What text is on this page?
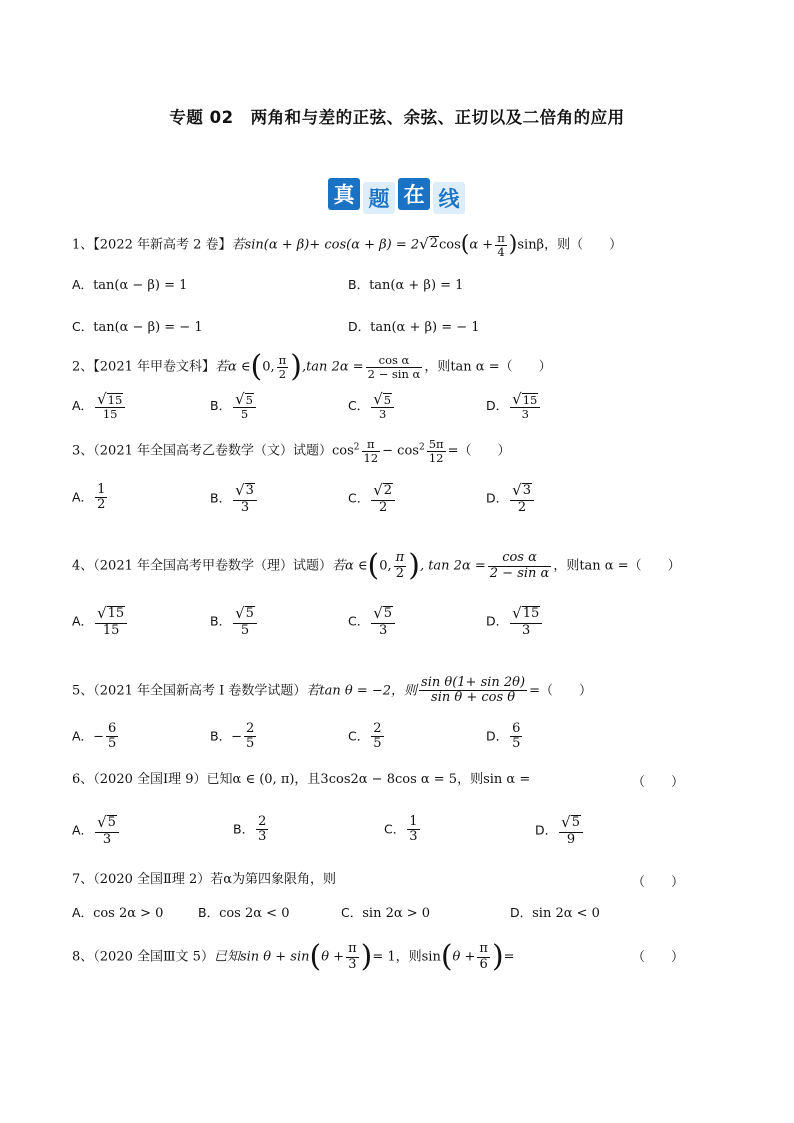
专题 02　两角和与差的正弦、余弦、正切以及二倍角的应用
真 题 在 线
1、【2022 年新高考 2 卷】若sin(α + β)+ cos(α + β) = 2 √ 2 $\cos(\alpha + \frac{\pi}{4} )\sin\beta$，则（　　）
A．tan(α − β) = 1	B．tan(α + β) = 1
C．tan(α − β) = − 1	D．tan(α + β) = − 1
2、【2021 年甲卷文科】若α ∈(0, $\frac{\pi}{2} ),\tan$ $2\alpha = \frac{\text{cos α}}{\text{2 − sin α}}$ ，则tan α =（　　）
A． $\frac{√ 15}{15}$	B． $\frac{√ 5}{5}$	C． $\frac{√ 5}{3}$	D． $\frac{√ 15}{3}$
3、（2021 年全国高考乙卷数学（文）试题）$\cos^2 \frac{\pi}{12} - \cos^2 \frac{5\pi}{12}$ =（　　）
A． $\frac{1}{2}$	B． $\frac{√ 3}{3}$	C． $\frac{√ 2}{2}$	D． $\frac{√ 3}{2}$
4、（2021 年全国高考甲卷数学（理）试题）若α ∈(0, $\frac{\pi}{2}$ ), $\tan 2\alpha = \frac{\text{cos α}}{\text{2 − sin α}}$ ，则tan α =（　　）
A． $\frac{√ 15}{15}$	B． $\frac{√ 5}{5}$	C． $\frac{√ 5}{3}$	D． $\frac{√ 15}{3}$
5、（2021 年全国新高考 I 卷数学试题）若tan θ = −2，则 $\frac{\text{sin θ(1+ sin 2θ)}}{\text{sin θ + cos θ}}$ =（　　）
A．− $\frac{6}{5}$	B．− $\frac{2}{5}$	C． $\frac{2}{5}$	D． $\frac{6}{5}$
6、（2020 全国Ⅰ理 9）已知α ∈ (0, π)，且3cos2α − 8cos α = 5，则sin α =	（　　）
A． $\frac{√ 5}{3}$	B． $\frac{2}{3}$	C． $\frac{1}{3}$	D． $\frac{√ 5}{9}$
7、（2020 全国Ⅱ理 2）若α为第四象限角，则	（　　）
A．cos 2α > 0	B．cos 2α < 0	C．sin 2α > 0	D．sin 2α < 0
8、（2020 全国Ⅲ文 5）已知$\sin \theta + \sin(\theta + \frac{\pi}{3}$ )= 1，则$\sin(\theta + \frac{\pi}{6}$ )=	（　　）
